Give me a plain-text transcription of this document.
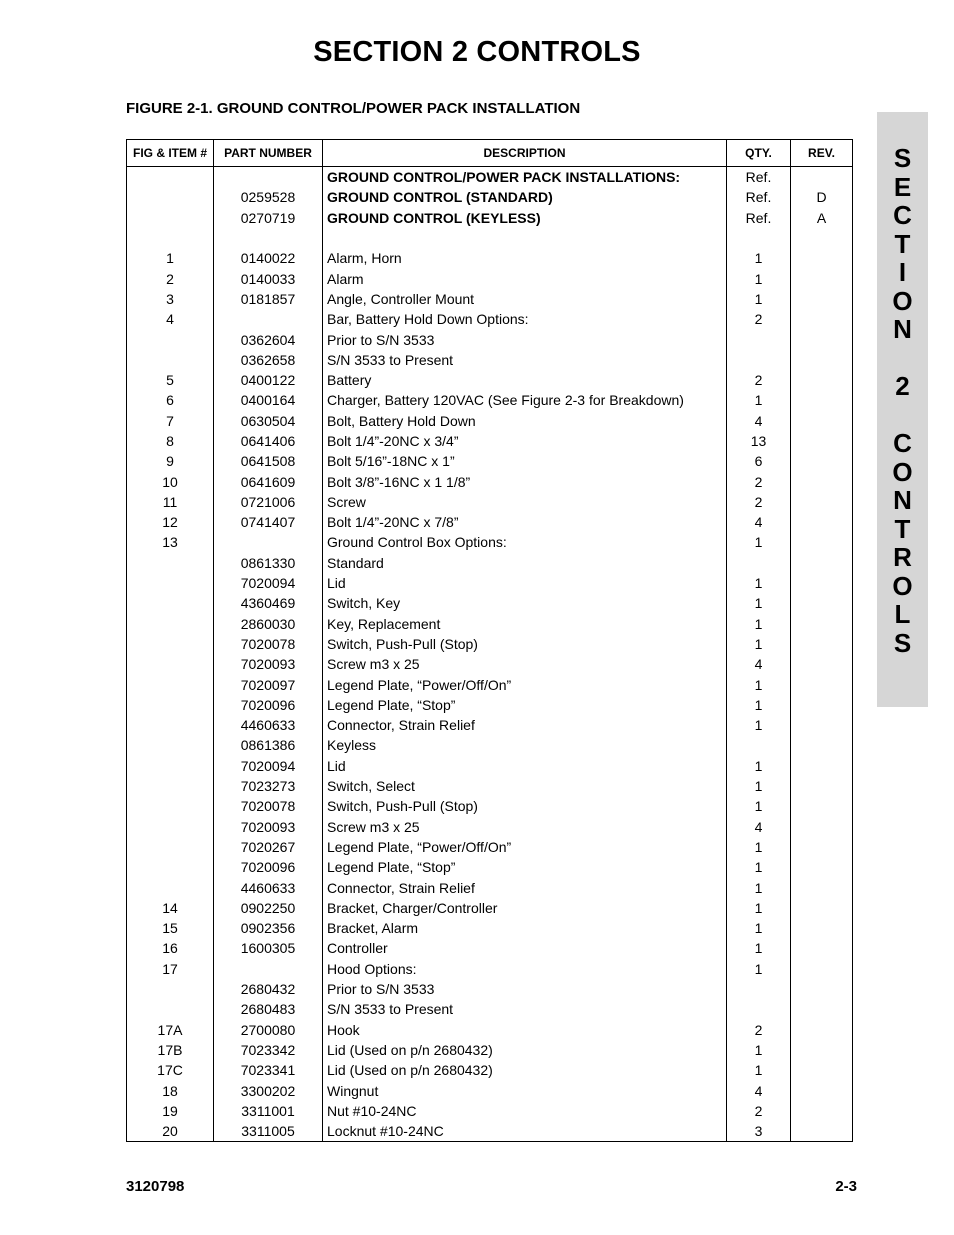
SECTION 2 CONTROLS
FIGURE 2-1. GROUND CONTROL/POWER PACK INSTALLATION
S
E
C
T
I
O
N
2
C
O
N
T
R
O
L
S
FIG & ITEM #	PART NUMBER	DESCRIPTION	QTY.	REV.
		GROUND CONTROL/POWER PACK INSTALLATIONS:	Ref.	
	0259528	GROUND CONTROL (STANDARD)	Ref.	D
	0270719	GROUND CONTROL (KEYLESS)	Ref.	A

1	0140022	Alarm, Horn	1	
2	0140033	Alarm	1	
3	0181857	Angle, Controller Mount	1	
4		Bar, Battery Hold Down Options:	2	
	0362604	Prior to S/N 3533		
	0362658	S/N 3533 to Present		
5	0400122	Battery	2	
6	0400164	Charger, Battery 120VAC (See Figure 2-3 for Breakdown)	1	
7	0630504	Bolt, Battery Hold Down	4	
8	0641406	Bolt 1/4”-20NC x 3/4”	13	
9	0641508	Bolt 5/16”-18NC x 1”	6	
10	0641609	Bolt 3/8”-16NC x 1 1/8”	2	
11	0721006	Screw	2	
12	0741407	Bolt 1/4”-20NC x 7/8”	4	
13		Ground Control Box Options:	1	
	0861330	Standard		
	7020094	Lid	1	
	4360469	Switch, Key	1	
	2860030	Key, Replacement	1	
	7020078	Switch, Push-Pull (Stop)	1	
	7020093	Screw m3 x 25	4	
	7020097	Legend Plate, “Power/Off/On”	1	
	7020096	Legend Plate, “Stop”	1	
	4460633	Connector, Strain Relief	1	
	0861386	Keyless		
	7020094	Lid	1	
	7023273	Switch, Select	1	
	7020078	Switch, Push-Pull (Stop)	1	
	7020093	Screw m3 x 25	4	
	7020267	Legend Plate, “Power/Off/On”	1	
	7020096	Legend Plate, “Stop”	1	
	4460633	Connector, Strain Relief	1	
14	0902250	Bracket, Charger/Controller	1	
15	0902356	Bracket, Alarm	1	
16	1600305	Controller	1	
17		Hood Options:	1	
	2680432	Prior to S/N 3533		
	2680483	S/N 3533 to Present		
17A	2700080	Hook	2	
17B	7023342	Lid (Used on p/n 2680432)	1	
17C	7023341	Lid (Used on p/n 2680432)	1	
18	3300202	Wingnut	4	
19	3311001	Nut #10-24NC	2	
20	3311005	Locknut #10-24NC	3	
3120798	2-3
